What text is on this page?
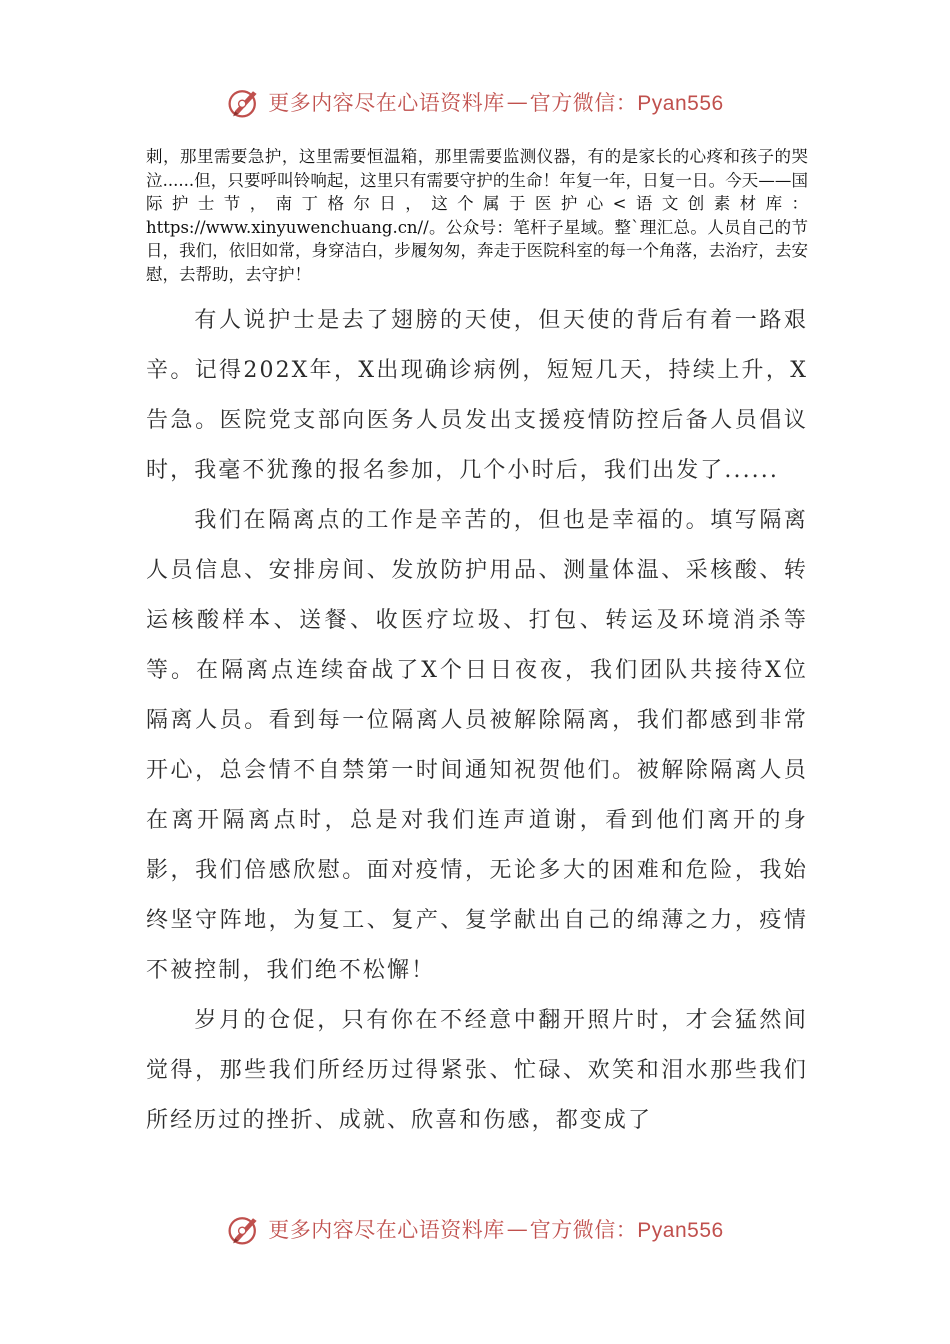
更多内容尽在心语资料库 — 官方微信：Pyan556

刺，那里需要急护，这里需要恒温箱，那里需要监测仪器，有的是家长的心疼和孩子的哭泣......但，只要呼叫铃响起，这里只有需要守护的生命！年复一年，日复一日。今天——国际护士节，南丁格尔日，这个属于医护心<语文创素材库：https://www.xinyuwenchuang.cn//。公众号：笔杆子星域。整`理汇总。人员自己的节日，我们，依旧如常，身穿洁白，步履匆匆，奔走于医院科室的每一个角落，去治疗，去安慰，去帮助，去守护！

有人说护士是去了翅膀的天使，但天使的背后有着一路艰辛。记得202X年，X出现确诊病例，短短几天，持续上升，X告急。医院党支部向医务人员发出支援疫情防控后备人员倡议时，我毫不犹豫的报名参加，几个小时后，我们出发了......

我们在隔离点的工作是辛苦的，但也是幸福的。填写隔离人员信息、安排房间、发放防护用品、测量体温、采核酸、转运核酸样本、送餐、收医疗垃圾、打包、转运及环境消杀等等。在隔离点连续奋战了X个日日夜夜，我们团队共接待X位隔离人员。看到每一位隔离人员被解除隔离，我们都感到非常开心，总会情不自禁第一时间通知祝贺他们。被解除隔离人员在离开隔离点时，总是对我们连声道谢，看到他们离开的身影，我们倍感欣慰。面对疫情，无论多大的困难和危险，我始终坚守阵地，为复工、复产、复学献出自己的绵薄之力，疫情不被控制，我们绝不松懈！

岁月的仓促，只有你在不经意中翻开照片时，才会猛然间觉得，那些我们所经历过得紧张、忙碌、欢笑和泪水那些我们所经历过的挫折、成就、欣喜和伤感，都变成了

更多内容尽在心语资料库 — 官方微信：Pyan556
